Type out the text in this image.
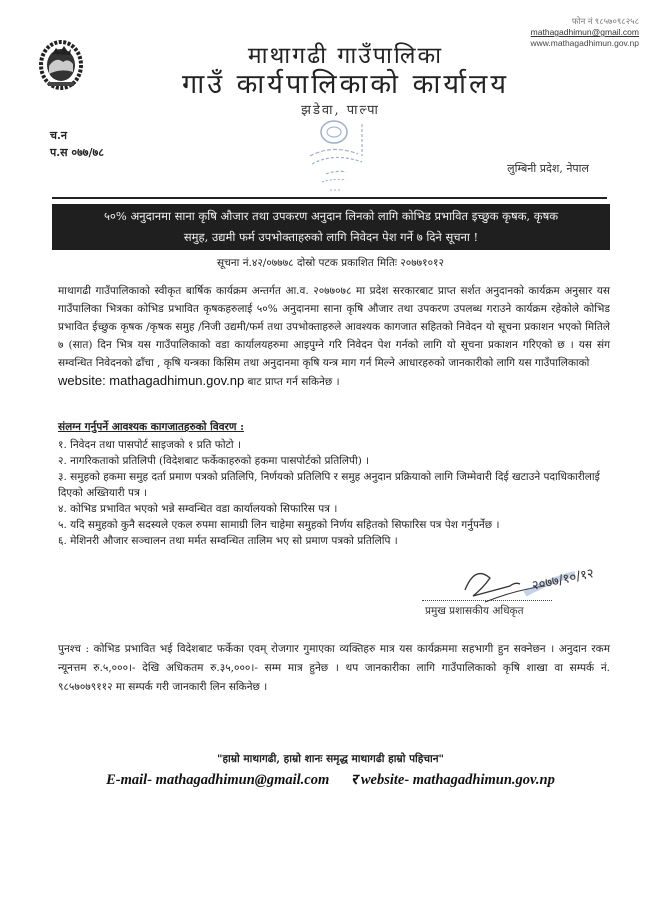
फोन नं ९८५७०९८२५८
mathagadhimun@gmail.com
www.mathagadhimun.gov.np
माथागढी गाउँपालिका
गाउँ कार्यपालिकाको कार्यालय
झडेवा, पाल्पा
च.न
प.स ०७७/७८
लुम्बिनी प्रदेश, नेपाल
५०% अनुदानमा साना कृषि औजार तथा उपकरण अनुदान लिनको लागि कोभिड प्रभावित इच्छुक कृषक, कृषक
समुह, उद्यमी फर्म उपभोक्ताहरुको लागि निवेदन पेश गर्ने ७ दिने सूचना !
सूचना नं.४२/०७७७८ दोस्रो पटक प्रकाशित मितिः २०७७१०१२
माथागढी गाउँपालिकाको स्वीकृत बार्षिक कार्यक्रम अन्तर्गत आ.व. २०७७०७८ मा प्रदेश सरकारबाट प्राप्त सर्शत अनुदानको कार्यक्रम अनुसार यस गाउँपालिका भित्रका कोभिड प्रभावित कृषकहरुलाई ५०% अनुदानमा साना कृषि औजार तथा उपकरण उपलब्ध गराउने कार्यक्रम रहेकोले कोभिड प्रभावित ईच्छुक कृषक /कृषक समुह /निजी उद्यमी/फर्म तथा उपभोक्ताहरुले आवश्यक कागजात सहितको निवेदन यो सूचना प्रकाशन भएको मितिले ७ (सात) दिन भित्र यस गाउँपालिकाको वडा कार्यालयहरुमा आइपुग्ने गरि निवेदन पेश गर्नको लागि यो सूचना प्रकाशन गरिएको छ । यस संग सम्वन्धित निवेदनको ढाँचा , कृषि यन्त्रका किसिम तथा अनुदानमा कृषि यन्त्र माग गर्न मिल्ने आधारहरुको जानकारीको लागि यस गाउँपालिकाको
website: mathagadhimun.gov.np बाट प्राप्त गर्न सकिनेछ ।
संलग्न गर्नुपर्ने आवश्यक कागजातहरुको विवरण :
१. निवेदन तथा पासपोर्ट साइजको १ प्रति फोटो ।
२. नागरिकताको प्रतिलिपी (विदेशबाट फर्केकाहरुको हकमा पासपोर्टको प्रतिलिपी) ।
३. समुहको हकमा समुह दर्ता प्रमाण पत्रको प्रतिलिपि, निर्णयको प्रतिलिपि र समुह अनुदान प्रक्रियाको लागि जिम्मेवारी दिई खटाउने पदाधिकारीलाई दिएको अख्तियारी पत्र ।
४. कोभिड प्रभावित भएको भन्ने सम्वन्धित वडा कार्यालयको सिफारिस पत्र ।
५. यदि समुहको कुनै सदस्यले एकल रुपमा सामाग्री लिन चाहेमा समुहको निर्णय सहितको सिफारिस पत्र पेश गर्नुपर्नेछ ।
६. मेशिनरी औजार सञ्चालन तथा मर्मत सम्वन्धित तालिम भए सो प्रमाण पत्रको प्रतिलिपि ।
२०७७/१०/१२
प्रमुख प्रशासकीय अधिकृत
पुनश्च : कोभिड प्रभावित भई विदेशबाट फर्केका एवम् रोजगार गुमाएका व्यक्तिहरु मात्र यस कार्यक्रममा सहभागी हुन सक्नेछन । अनुदान रकम न्यूनत्तम रु.५,०००।- देखि अधिकतम रु.३५,०००।- सम्म मात्र हुनेछ । थप जानकारीका लागि गाउँपालिकाको कृषि शाखा वा सम्पर्क नं. ९८५७०७९११२ मा सम्पर्क गरी जानकारी लिन सकिनेछ ।
"हाम्रो माथागढी, हाम्रो शानः समृद्ध माथागढी हाम्रो पहिचान"
E-mail- mathagadhimun@gmail.com र website- mathagadhimun.gov.np
